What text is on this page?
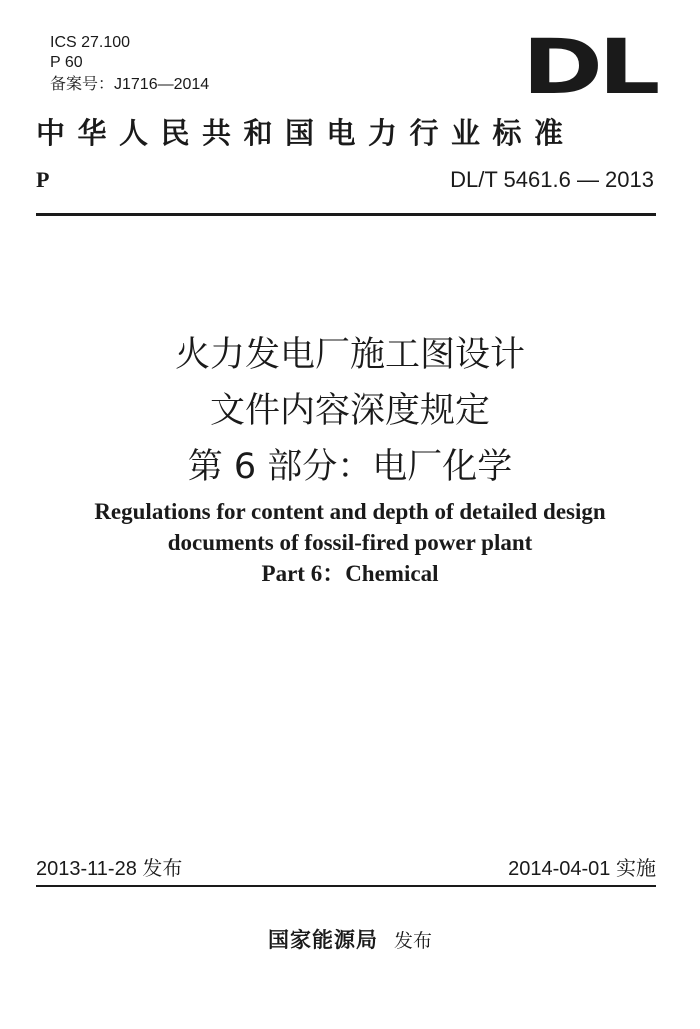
ICS 27.100
P 60
备案号：J1716—2014	DL
中华人民共和国电力行业标准
P	DL/T 5461.6 — 2013
火力发电厂施工图设计
文件内容深度规定
第 6 部分：电厂化学
Regulations for content and depth of detailed design
documents of fossil-fired power plant
Part 6：Chemical
2013-11-28 发布	2014-04-01 实施
国家能源局 发布
